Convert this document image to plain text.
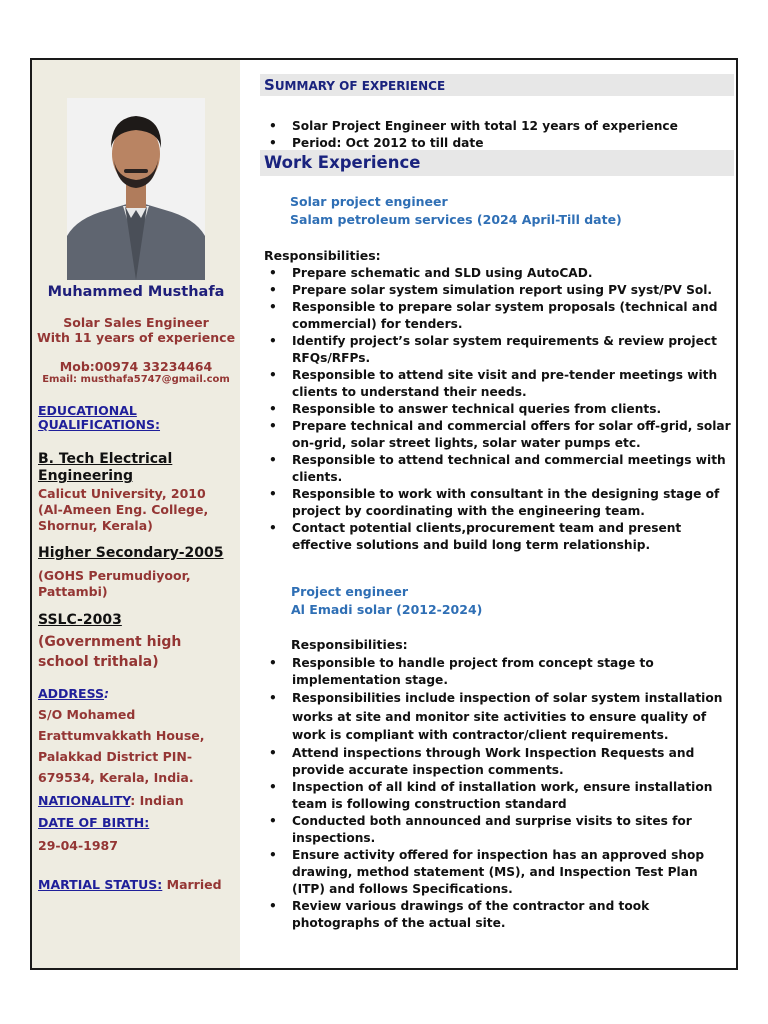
Muhammed Musthafa
Solar Sales Engineer
With 11 years of experience
Mob:00974 33234464
Email: musthafa5747@gmail.com
EDUCATIONAL
QUALIFICATIONS:
B. Tech Electrical
Engineering
Calicut University, 2010
(Al-Ameen Eng. College,
Shornur, Kerala)
Higher Secondary-2005
(GOHS Perumudiyoor,
Pattambi)
SSLC-2003
(Government high
school trithala)
ADDRESS:
S/O Mohamed
Erattumvakkath House,
Palakkad District PIN-
679534, Kerala, India.
NATIONALITY: Indian
DATE OF BIRTH:
29-04-1987
MARTIAL STATUS: Married
SUMMARY OF EXPERIENCE
• Solar Project Engineer with total 12 years of experience
• Period: Oct 2012 to till date
Work Experience
Solar project engineer
Salam petroleum services (2024 April-Till date)
Responsibilities:
• Prepare schematic and SLD using AutoCAD.
• Prepare solar system simulation report using PV syst/PV Sol.
• Responsible to prepare solar system proposals (technical and commercial) for tenders.
• Identify project’s solar system requirements & review project RFQs/RFPs.
• Responsible to attend site visit and pre-tender meetings with clients to understand their needs.
• Responsible to answer technical queries from clients.
• Prepare technical and commercial offers for solar off-grid, solar on-grid, solar street lights, solar water pumps etc.
• Responsible to attend technical and commercial meetings with clients.
• Responsible to work with consultant in the designing stage of project by coordinating with the engineering team.
• Contact potential clients,procurement team and present effective solutions and build long term relationship.
Project engineer
Al Emadi solar (2012-2024)
Responsibilities:
• Responsible to handle project from concept stage to implementation stage.
• Responsibilities include inspection of solar system installation works at site and monitor site activities to ensure quality of work is compliant with contractor/client requirements.
• Attend inspections through Work Inspection Requests and provide accurate inspection comments.
• Inspection of all kind of installation work, ensure installation team is following construction standard
• Conducted both announced and surprise visits to sites for inspections.
• Ensure activity offered for inspection has an approved shop drawing, method statement (MS), and Inspection Test Plan (ITP) and follows Specifications.
• Review various drawings of the contractor and took photographs of the actual site.
